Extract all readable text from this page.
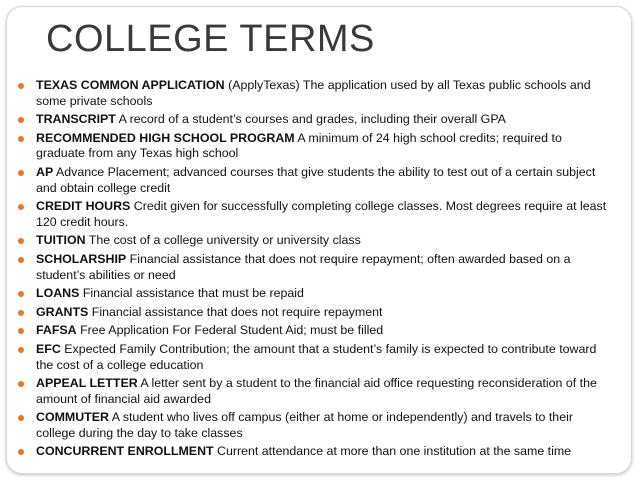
COLLEGE TERMS
TEXAS COMMON APPLICATION (ApplyTexas) The application used by all Texas public schools and some private schools
TRANSCRIPT A record of a student’s courses and grades, including their overall GPA
RECOMMENDED HIGH SCHOOL PROGRAM A minimum of 24 high school credits; required to graduate from any Texas high school
AP Advance Placement; advanced courses that give students the ability to test out of a certain subject and obtain college credit
CREDIT HOURS Credit given for successfully completing college classes. Most degrees require at least 120 credit hours.
TUITION The cost of a college university or university class
SCHOLARSHIP Financial assistance that does not require repayment; often awarded based on a student’s abilities or need
LOANS Financial assistance that must be repaid
GRANTS Financial assistance that does not require repayment
FAFSA Free Application For Federal Student Aid; must be filled
EFC Expected Family Contribution; the amount that a student’s family is expected to contribute toward the cost of a college education
APPEAL LETTER A letter sent by a student to the financial aid office requesting reconsideration of the amount of financial aid awarded
COMMUTER A student who lives off campus (either at home or independently) and travels to their college during the day to take classes
CONCURRENT ENROLLMENT Current attendance at more than one institution at the same time
